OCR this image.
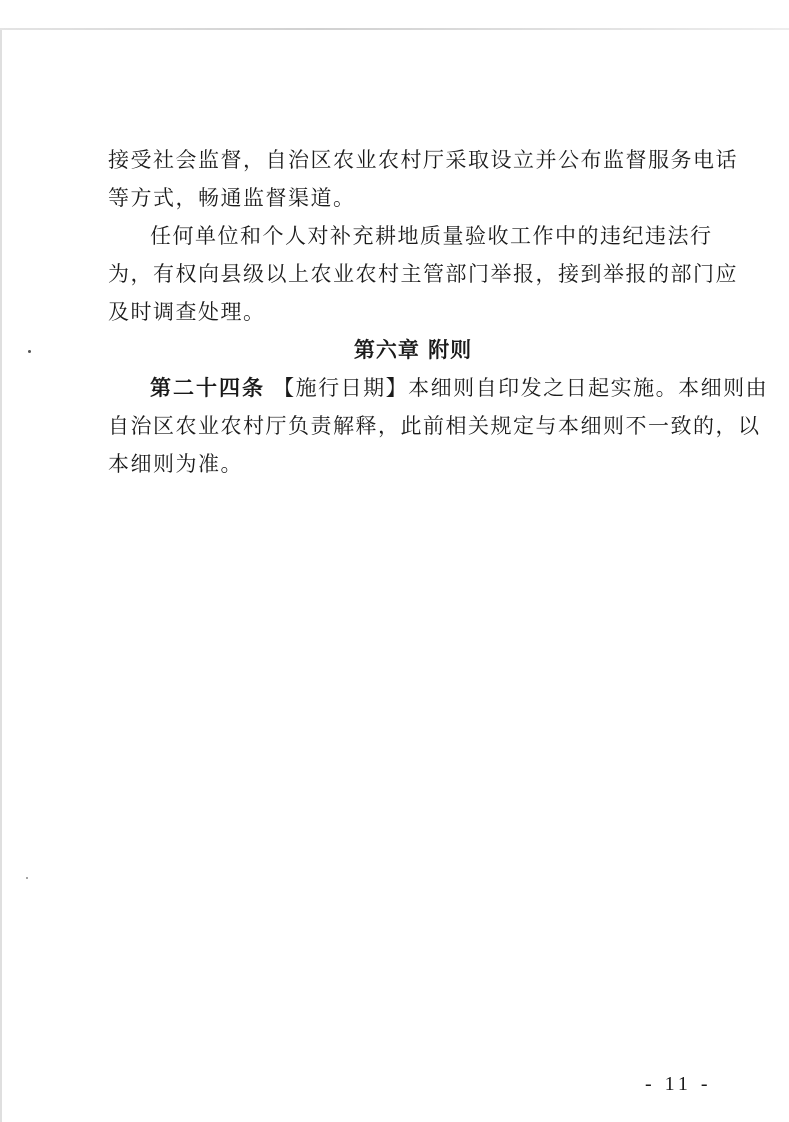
接受社会监督，自治区农业农村厅采取设立并公布监督服务电话
等方式，畅通监督渠道。
任何单位和个人对补充耕地质量验收工作中的违纪违法行
为，有权向县级以上农业农村主管部门举报，接到举报的部门应
及时调查处理。
第六章 附则
第二十四条 【施行日期】本细则自印发之日起实施。本细则由
自治区农业农村厅负责解释，此前相关规定与本细则不一致的，以
本细则为准。
- 11 -
